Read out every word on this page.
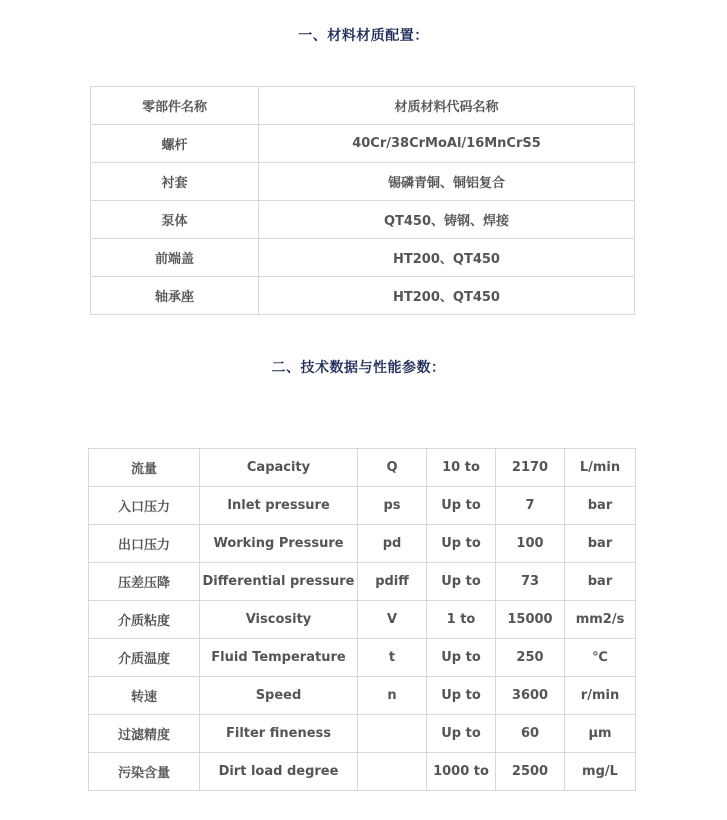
一、材料材质配置：
零部件名称	材质材料代码名称
螺杆	40Cr/38CrMoAl/16MnCrS5
衬套	锡磷青铜、铜铝复合
泵体	QT450、铸钢、焊接
前端盖	HT200、QT450
轴承座	HT200、QT450
二、技术数据与性能参数：
流量	Capacity	Q	10 to	2170	L/min
入口压力	Inlet pressure	ps	Up to	7	bar
出口压力	Working Pressure	pd	Up to	100	bar
压差压降	Differential pressure	pdiff	Up to	73	bar
介质粘度	Viscosity	V	1 to	15000	mm2/s
介质温度	Fluid Temperature	t	Up to	250	℃
转速	Speed	n	Up to	3600	r/min
过滤精度	Filter fineness		Up to	60	μm
污染含量	Dirt load degree		1000 to	2500	mg/L
